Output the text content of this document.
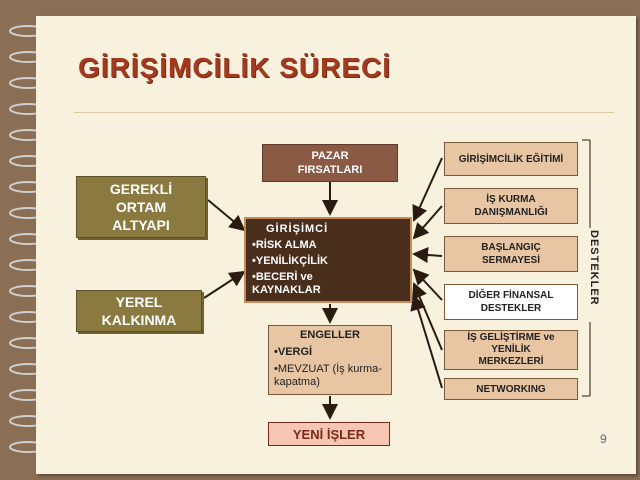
GİRİŞİMCİLİK SÜRECİ
GEREKLİ
ORTAM
ALTYAPI
YEREL
KALKINMA
PAZAR
FIRSATLARI
GİRİŞİMCİ
•RİSK ALMA
•YENİLİKÇİLİK
•BECERİ ve KAYNAKLAR
ENGELLER
•VERGİ
•MEVZUAT (İş kurma-kapatma)
YENİ İŞLER
GİRİŞİMCİLİK EĞİTİMİ
İŞ KURMA
DANIŞMANLIĞI
BAŞLANGIÇ
SERMAYESİ
DİĞER FİNANSAL
DESTEKLER
İŞ GELİŞTİRME ve
YENİLİK
MERKEZLERİ
NETWORKING
DESTEKLER
9
